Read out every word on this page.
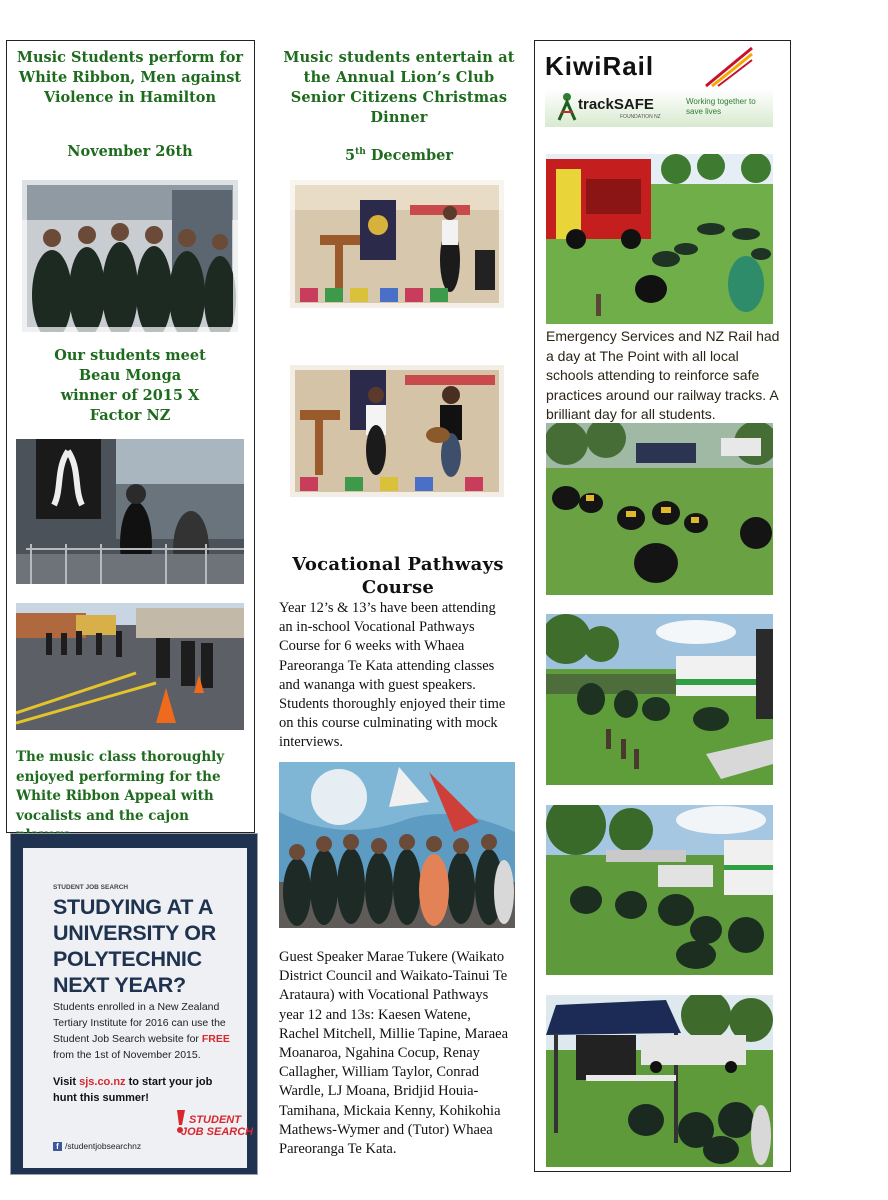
Music Students perform for White Ribbon, Men against Violence in Hamilton
November 26th
Our students meet Beau Monga winner of 2015 X Factor NZ
The music class thoroughly enjoyed performing for the White Ribbon Appeal with vocalists and the cajon
STUDENT JOB SEARCH
STUDYING AT A UNIVERSITY OR POLYTECHNIC NEXT YEAR?
Students enrolled in a New Zealand Tertiary Institute for 2016 can use the Student Job Search website for FREE from the 1st of November 2015.
Visit sjs.co.nz to start your job hunt this summer!
STUDENT
JOB SEARCH
f /studentjobsearchnz
Music students entertain at the Annual Lion’s Club Senior Citizens Christmas Dinner
5th December
Vocational Pathways Course
Year 12’s & 13’s have been attending an in-school Vocational Pathways Course for 6 weeks with Whaea Pareoranga Te Kata attending classes and wananga with guest speakers. Students thoroughly enjoyed their time on this course culminating with mock interviews.
Guest Speaker Marae Tukere (Waikato District Council and Waikato-Tainui Te Arataura) with Vocational Pathways year 12 and 13s: Kaesen Watene, Rachel Mitchell, Millie Tapine, Maraea Moanaroa, Ngahina Cocup, Renay Callagher, William Taylor, Conrad Wardle, LJ Moana, Bridjid Houia-Tamihana, Mickaia Kenny, Kohikohia Mathews-Wymer and (Tutor) Whaea Pareoranga Te Kata.
KiwiRail
trackSAFE
FOUNDATION NZ
Working together to save lives
Emergency Services and NZ Rail had a day at The Point with all local schools attending to reinforce safe practices around our railway tracks. A brilliant day for all students.
